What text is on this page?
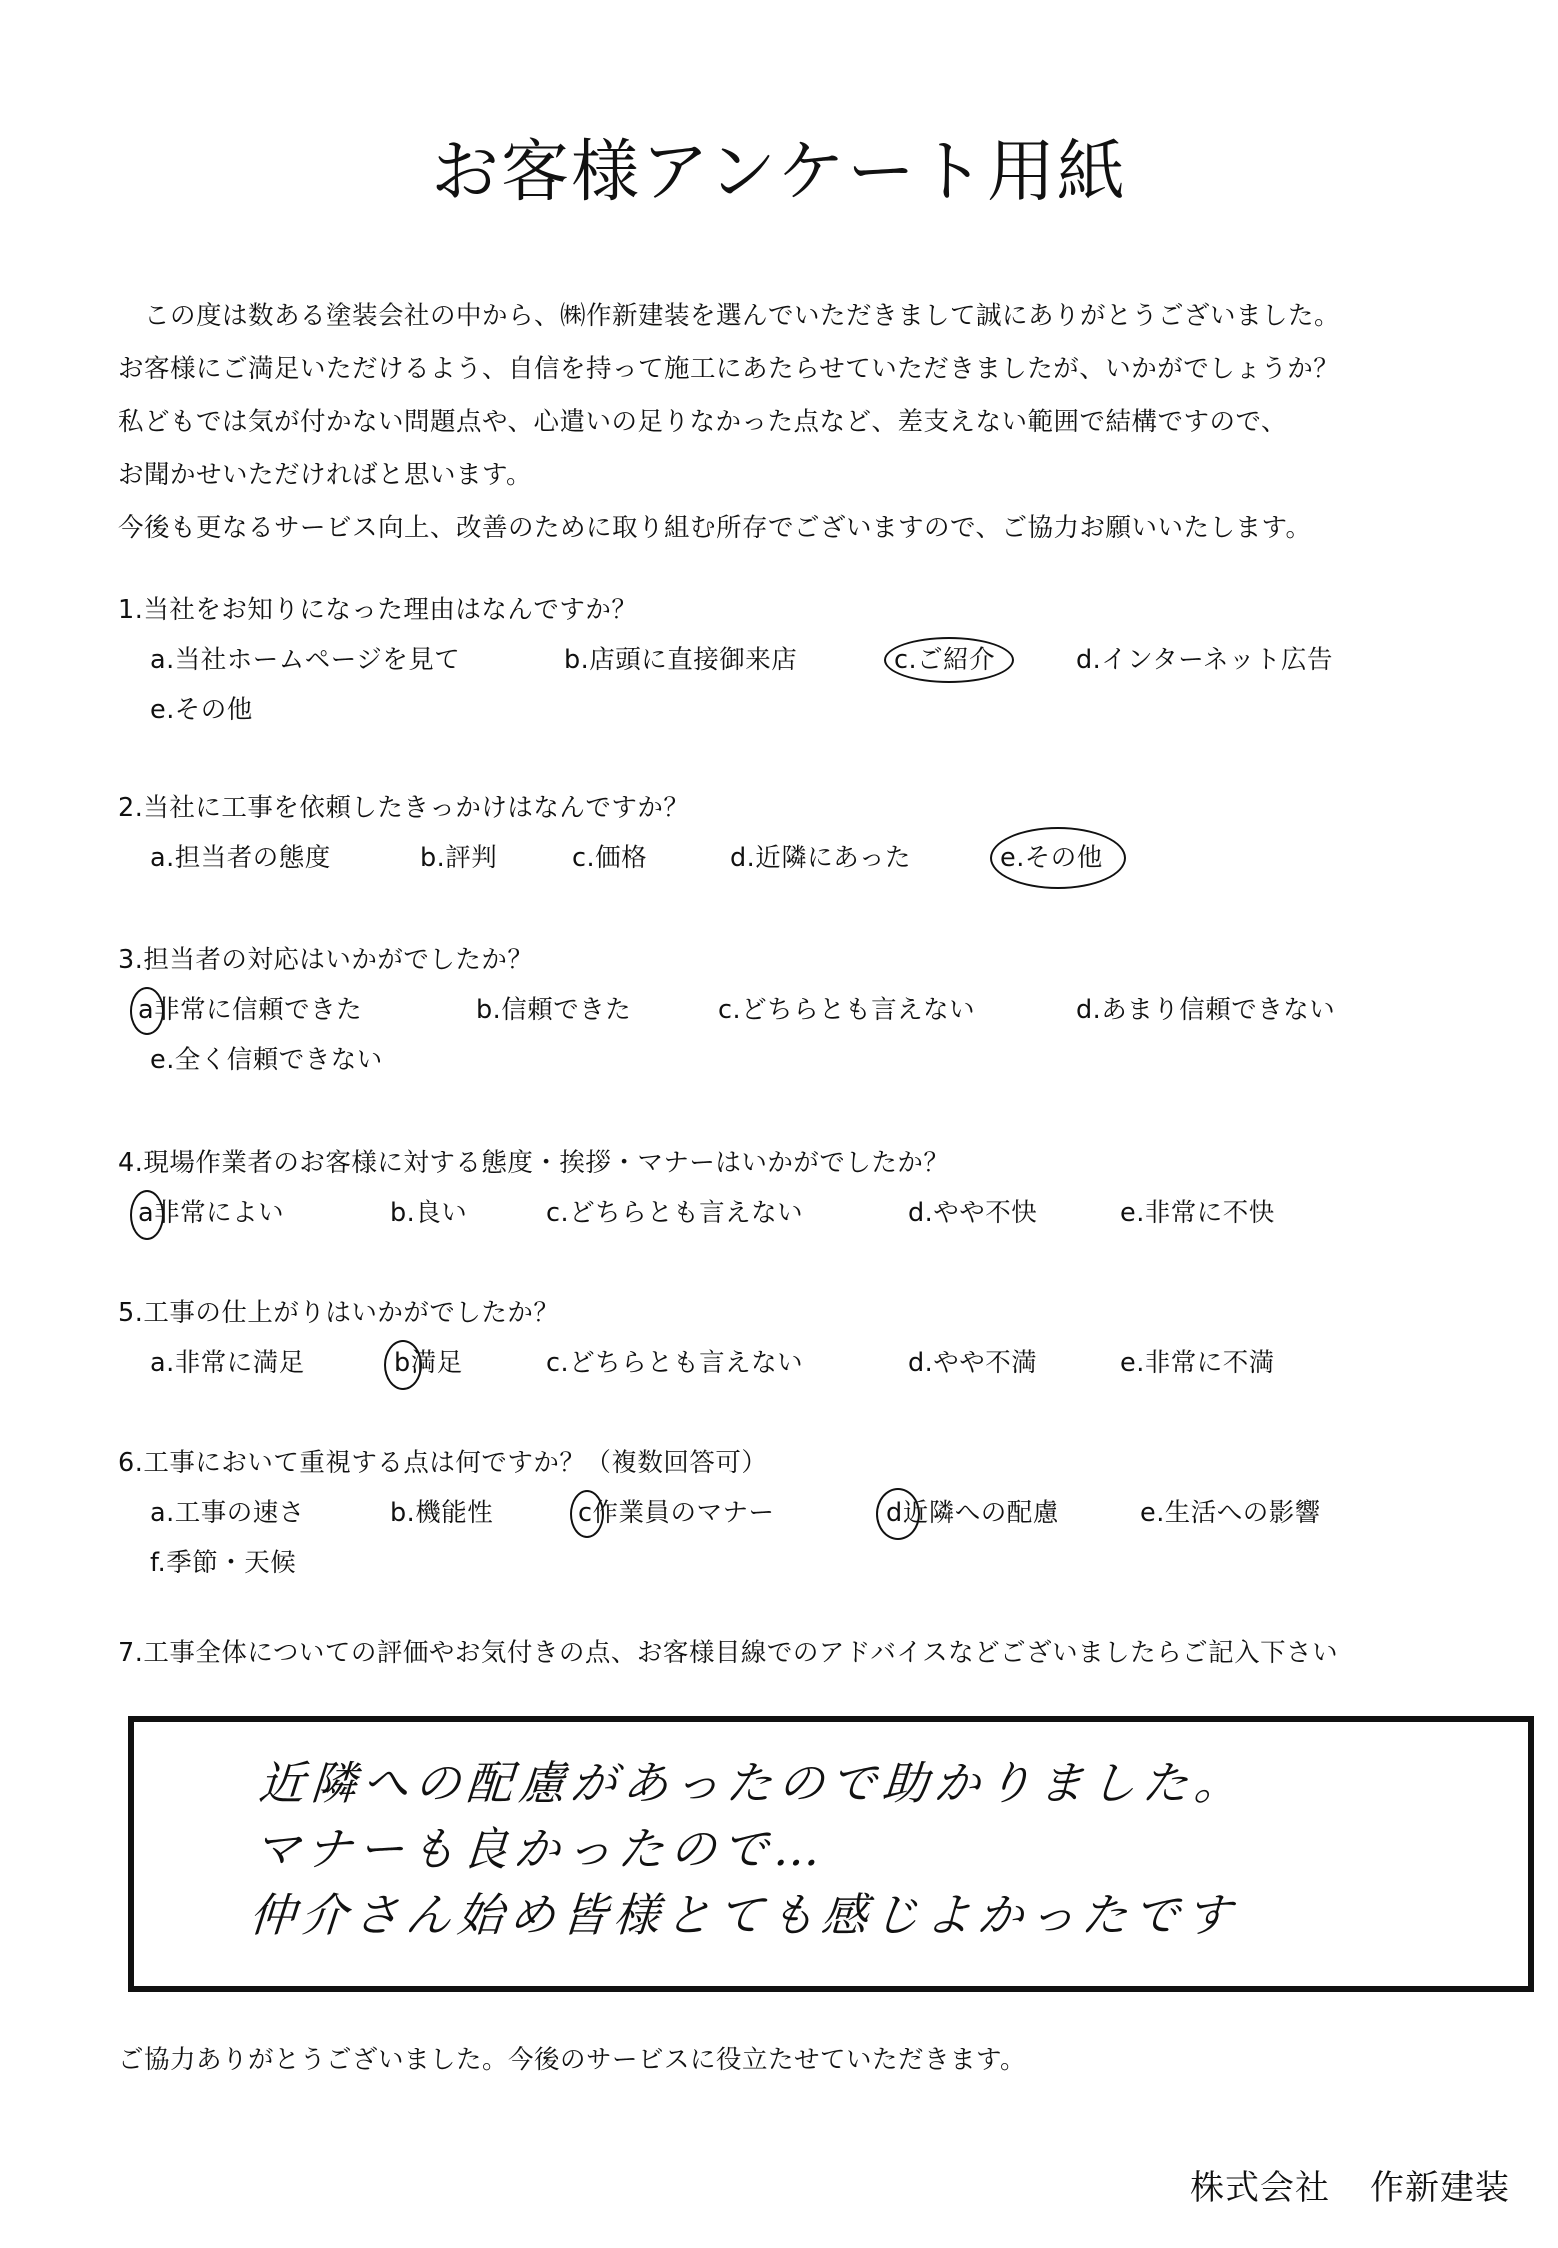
お客様アンケート用紙
この度は数ある塗装会社の中から、㈱作新建装を選んでいただきまして誠にありがとうございました。
お客様にご満足いただけるよう、自信を持って施工にあたらせていただきましたが、いかがでしょうか？
私どもでは気が付かない問題点や、心遣いの足りなかった点など、差支えない範囲で結構ですので、
お聞かせいただければと思います。
今後も更なるサービス向上、改善のために取り組む所存でございますので、ご協力お願いいたします。
1.当社をお知りになった理由はなんですか？
a.当社ホームページを見て	b.店頭に直接御来店	c.ご紹介	d.インターネット広告
e.その他
2.当社に工事を依頼したきっかけはなんですか？
a.担当者の態度	b.評判	c.価格	d.近隣にあった	e.その他
3.担当者の対応はいかがでしたか？
a非常に信頼できた	b.信頼できた	c.どちらとも言えない	d.あまり信頼できない
e.全く信頼できない
4.現場作業者のお客様に対する態度・挨拶・マナーはいかがでしたか？
a非常によい	b.良い	c.どちらとも言えない	d.やや不快	e.非常に不快
5.工事の仕上がりはいかがでしたか？
a.非常に満足	b満足	c.どちらとも言えない	d.やや不満	e.非常に不満
6.工事において重視する点は何ですか？（複数回答可）
a.工事の速さ	b.機能性	c作業員のマナー	d近隣への配慮	e.生活への影響
f.季節・天候
7.工事全体についての評価やお気付きの点、お客様目線でのアドバイスなどございましたらご記入下さい
近隣への配慮があったので助かりました。
マナーも良かったので…
仲介さん始め皆様とても感じよかったです
ご協力ありがとうございました。今後のサービスに役立たせていただきます。
株式会社 作新建装
